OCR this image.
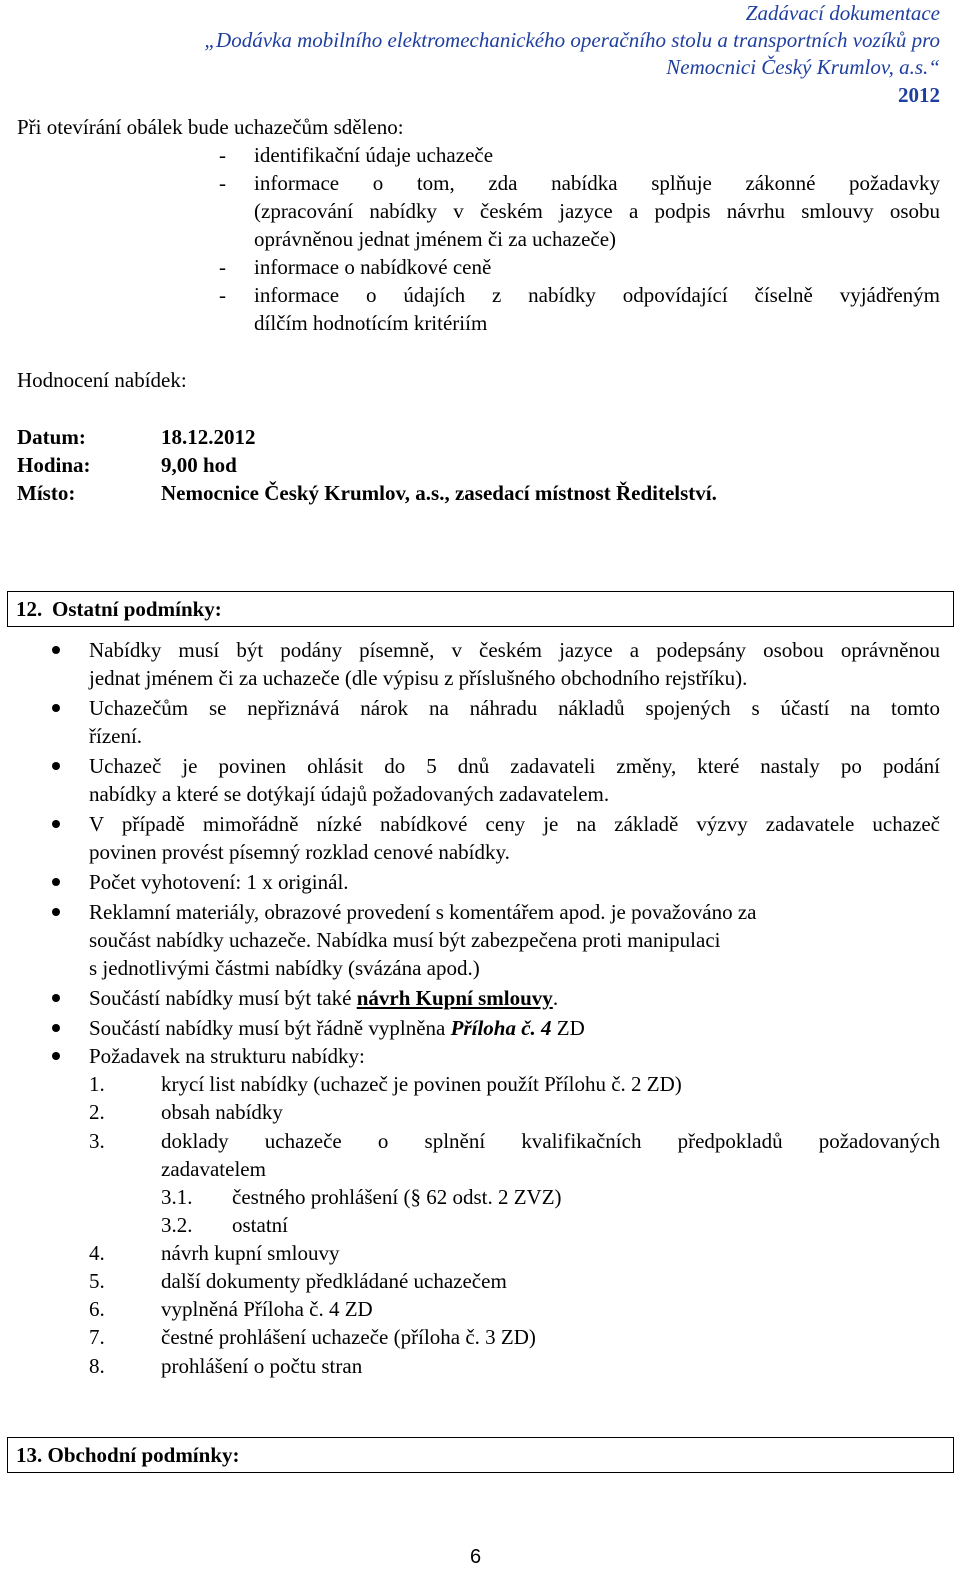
Zadávací dokumentace
„Dodávka mobilního elektromechanického operačního stolu a transportních vozíků pro
Nemocnici Český Krumlov, a.s.“
2012
Při otevírání obálek bude uchazečům sděleno:
- identifikační údaje uchazeče
- informace o tom, zda nabídka splňuje zákonné požadavky
(zpracování nabídky v českém jazyce a podpis návrhu smlouvy osobu
oprávněnou jednat jménem či za uchazeče)
- informace o nabídkové ceně
- informace o údajích z nabídky odpovídající číselně vyjádřeným
dílčím hodnotícím kritériím
Hodnocení nabídek:
Datum:	18.12.2012
Hodina:	9,00 hod
Místo:	Nemocnice Český Krumlov, a.s., zasedací místnost Ředitelství.
12. Ostatní podmínky:
Nabídky musí být podány písemně, v českém jazyce a podepsány osobou oprávněnou
jednat jménem či za uchazeče (dle výpisu z příslušného obchodního rejstříku).
Uchazečům se nepřiznává nárok na náhradu nákladů spojených s účastí na tomto
řízení.
Uchazeč je povinen ohlásit do 5 dnů zadavateli změny, které nastaly po podání
nabídky a které se dotýkají údajů požadovaných zadavatelem.
V případě mimořádně nízké nabídkové ceny je na základě výzvy zadavatele uchazeč
povinen provést písemný rozklad cenové nabídky.
Počet vyhotovení: 1 x originál.
Reklamní materiály, obrazové provedení s komentářem apod. je považováno za
součást nabídky uchazeče. Nabídka musí být zabezpečena proti manipulaci
s jednotlivými částmi nabídky (svázána apod.)
Součástí nabídky musí být také návrh Kupní smlouvy.
Součástí nabídky musí být řádně vyplněna Příloha č. 4 ZD
Požadavek na strukturu nabídky:
1.	krycí list nabídky (uchazeč je povinen použít Přílohu č. 2 ZD)
2.	obsah nabídky
3.	doklady uchazeče o splnění kvalifikačních předpokladů požadovaných
zadavatelem
3.1. čestného prohlášení (§ 62 odst. 2 ZVZ)
3.2. ostatní
4.	návrh kupní smlouvy
5.	další dokumenty předkládané uchazečem
6.	vyplněná Příloha č. 4 ZD
7.	čestné prohlášení uchazeče (příloha č. 3 ZD)
8.	prohlášení o počtu stran
13. Obchodní podmínky:
6
